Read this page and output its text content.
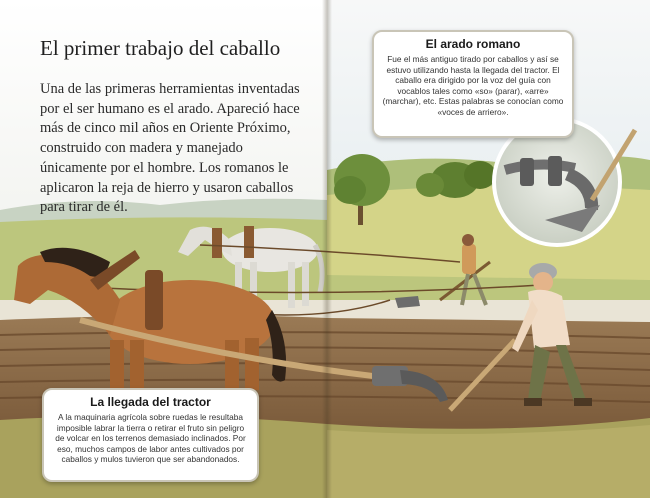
El primer trabajo del caballo

Una de las primeras herramientas inventadas por el ser humano es el arado. Apareció hace más de cinco mil años en Oriente Próximo, construido con madera y manejado únicamente por el hombre. Los romanos le aplicaron la reja de hierro y usaron caballos para tirar de él.

El arado romano

Fue el más antiguo tirado por caballos y así se estuvo utilizando hasta la llegada del tractor. El caballo era dirigido por la voz del guía con vocablos tales como «so» (parar), «arre» (marchar), etc. Estas palabras se conocían como «voces de arriero».

La llegada del tractor

A la maquinaria agrícola sobre ruedas le resultaba imposible labrar la tierra o retirar el fruto sin peligro de volcar en los terrenos demasiado inclinados. Por eso, muchos campos de labor antes cultivados por caballos y mulos tuvieron que ser abandonados.
